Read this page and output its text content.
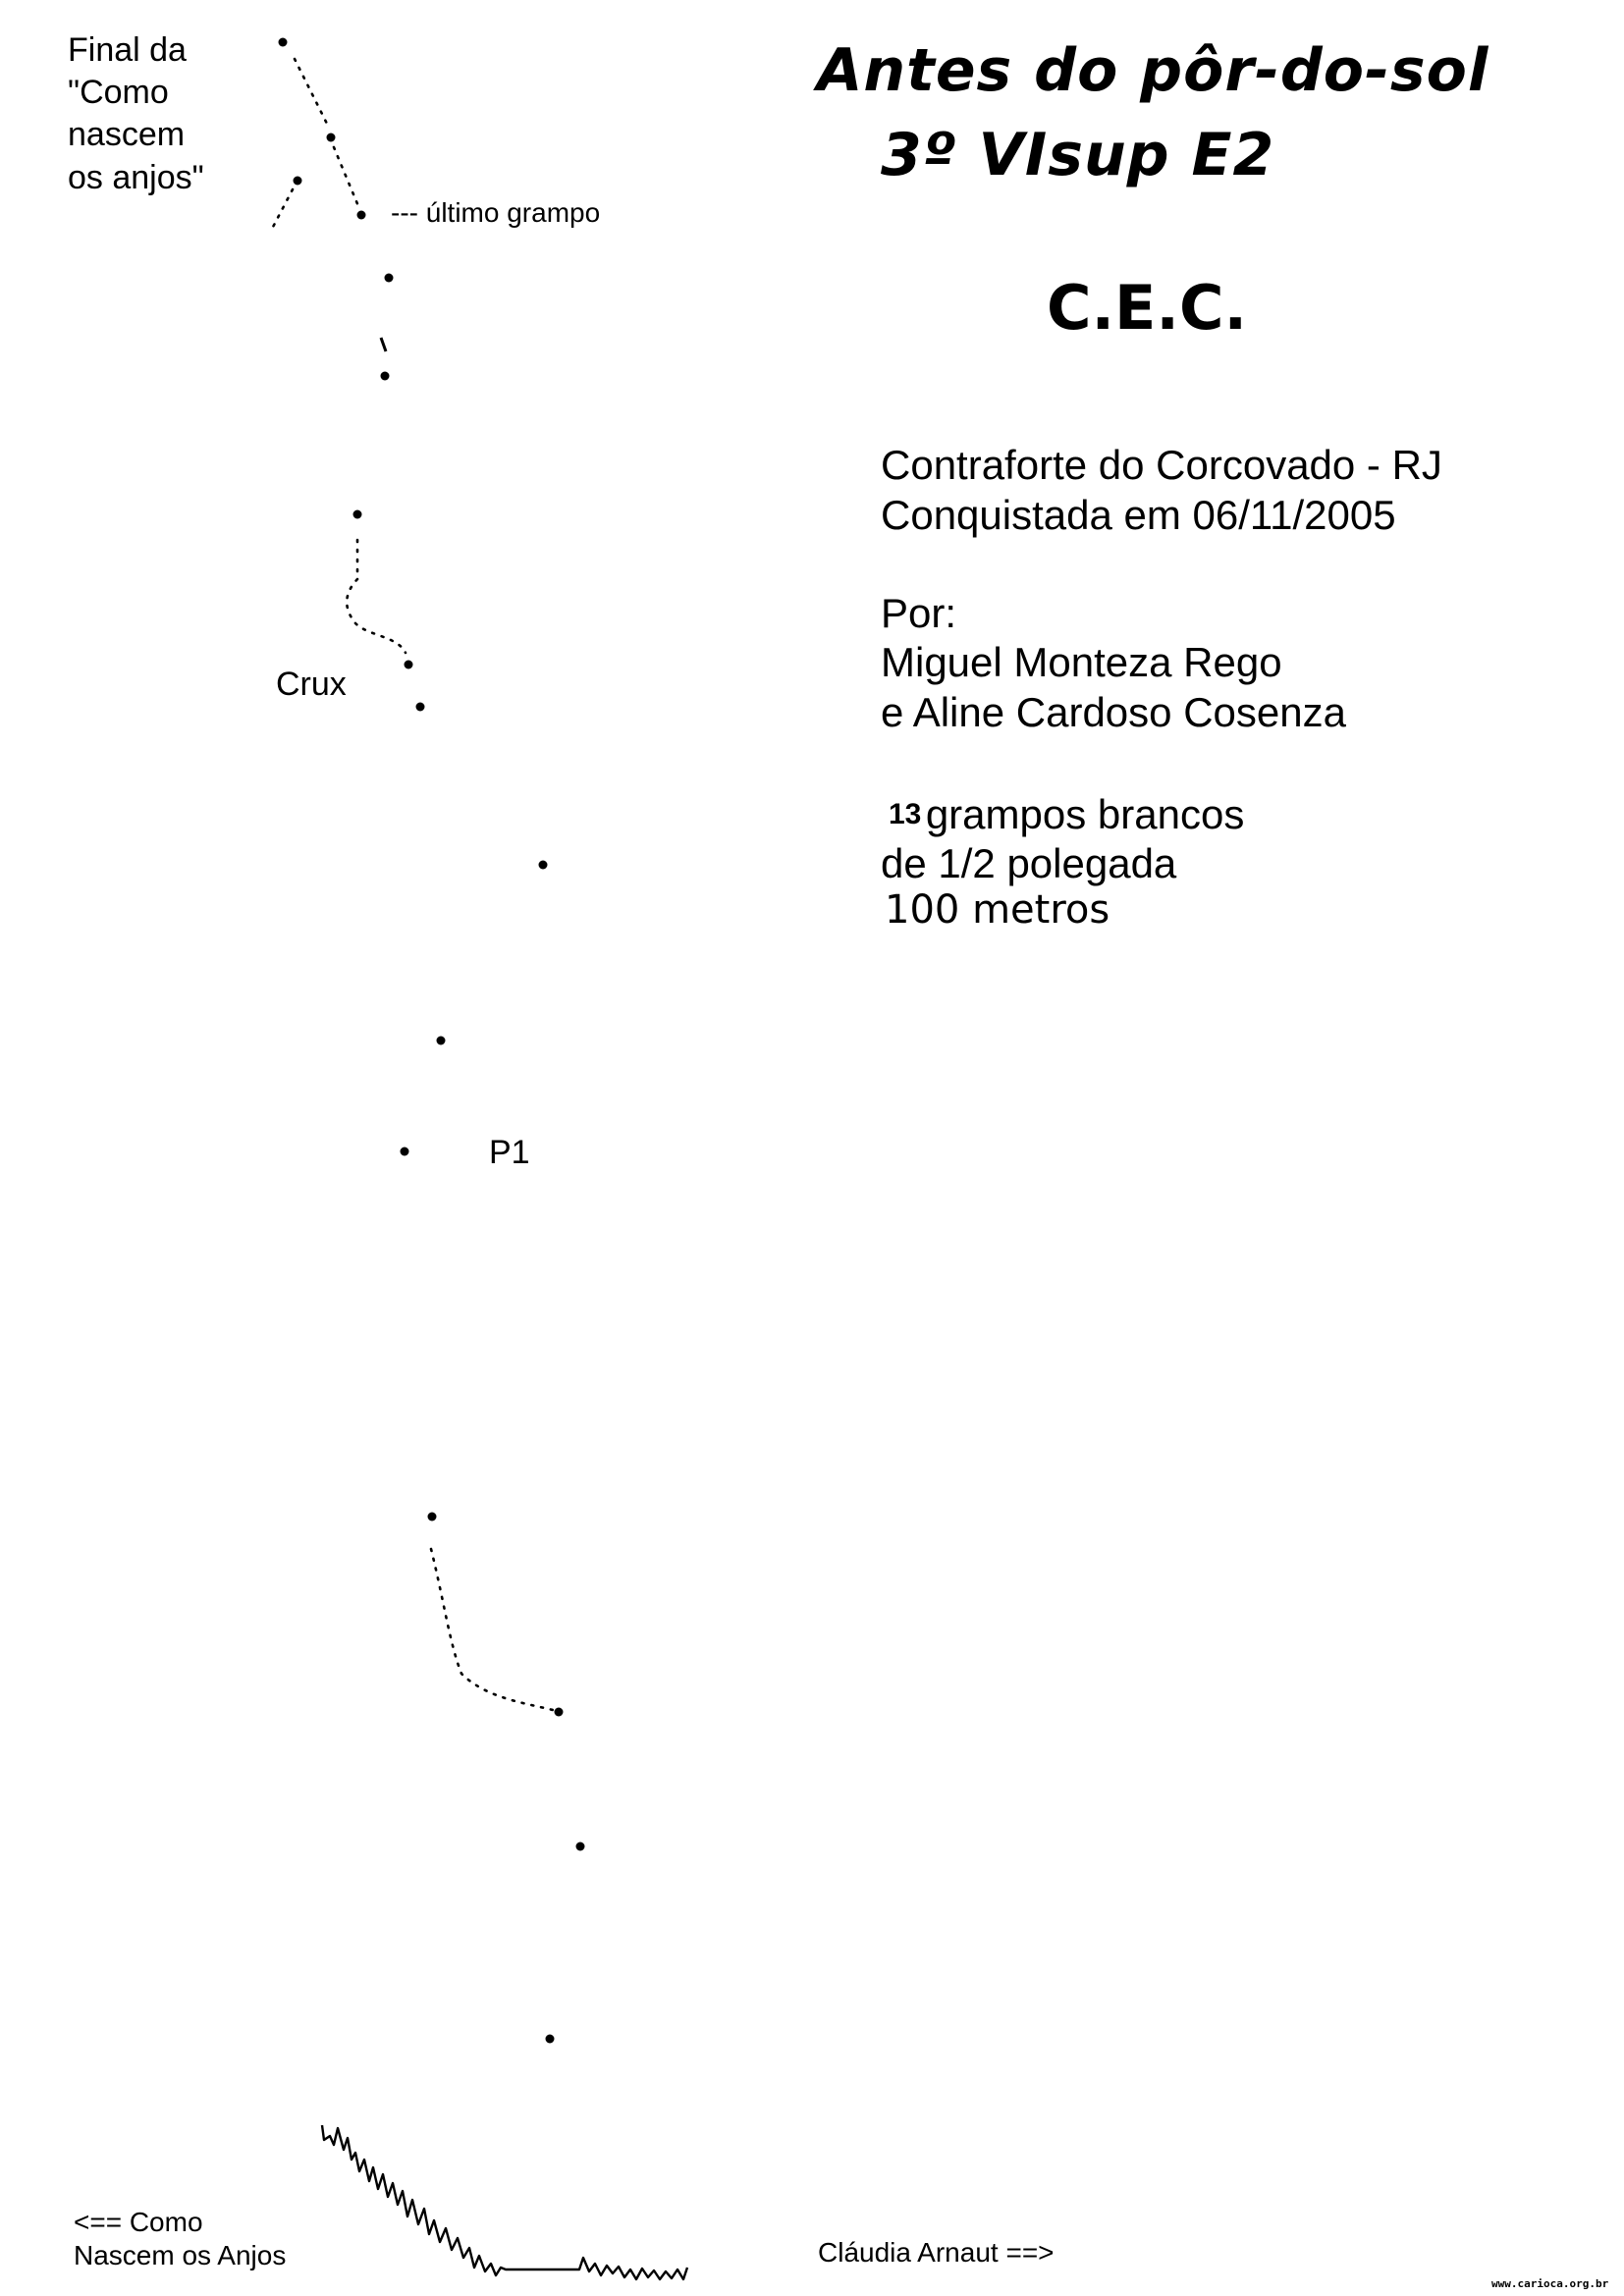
Antes do pôr-do-sol
3º VIsup E2
C.E.C.
Contraforte do Corcovado - RJ
Conquistada em 06/11/2005
Por:
Miguel Monteza Rego
e Aline Cardoso Cosenza
13 grampos brancos
de 1/2 polegada
100 metros
Final da
"Como
nascem
os anjos"
--- último grampo
Crux
P1
<== Como
Nascem os Anjos	Cláudia Arnaut ==>
www.carioca.org.br
